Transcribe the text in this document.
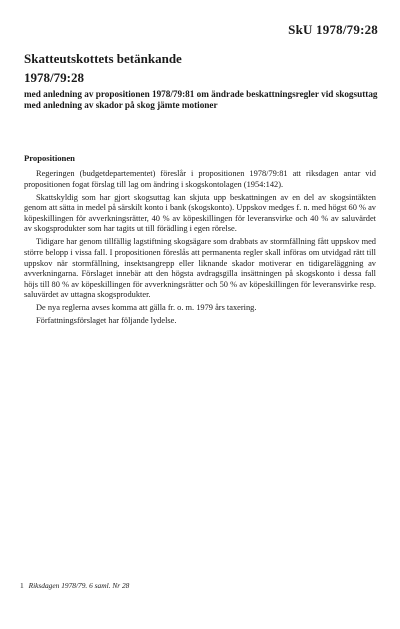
SkU 1978/79:28
Skatteutskottets betänkande
1978/79:28

med anledning av propositionen 1978/79:81 om ändrade beskattningsregler vid skogsuttag med anledning av skador på skog jämte motioner

Propositionen

Regeringen (budgetdepartementet) föreslår i propositionen 1978/79:81 att riksdagen antar vid propositionen fogat förslag till lag om ändring i skogskontolagen (1954:142).

Skattskyldig som har gjort skogsuttag kan skjuta upp beskattningen av en del av skogsintäkten genom att sätta in medel på särskilt konto i bank (skogskonto). Uppskov medges f. n. med högst 60 % av köpeskillingen för avverkningsrätter, 40 % av köpeskillingen för leveransvirke och 40 % av saluvärdet av skogsprodukter som har tagits ut till förädling i egen rörelse.

Tidigare har genom tillfällig lagstiftning skogsägare som drabbats av stormfällning fått uppskov med större belopp i vissa fall. I propositionen föreslås att permanenta regler skall införas om utvidgad rätt till uppskov när stormfällning, insektsangrepp eller liknande skador motiverar en tidigareläggning av avverkningarna. Förslaget innebär att den högsta avdragsgilla insättningen på skogskonto i dessa fall höjs till 80 % av köpeskillingen för avverkningsrätter och 50 % av köpeskillingen för leveransvirke resp. saluvärdet av uttagna skogsprodukter.

De nya reglerna avses komma att gälla fr. o. m. 1979 års taxering.

Författningsförslaget har följande lydelse.

1 Riksdagen 1978/79. 6 saml. Nr 28
